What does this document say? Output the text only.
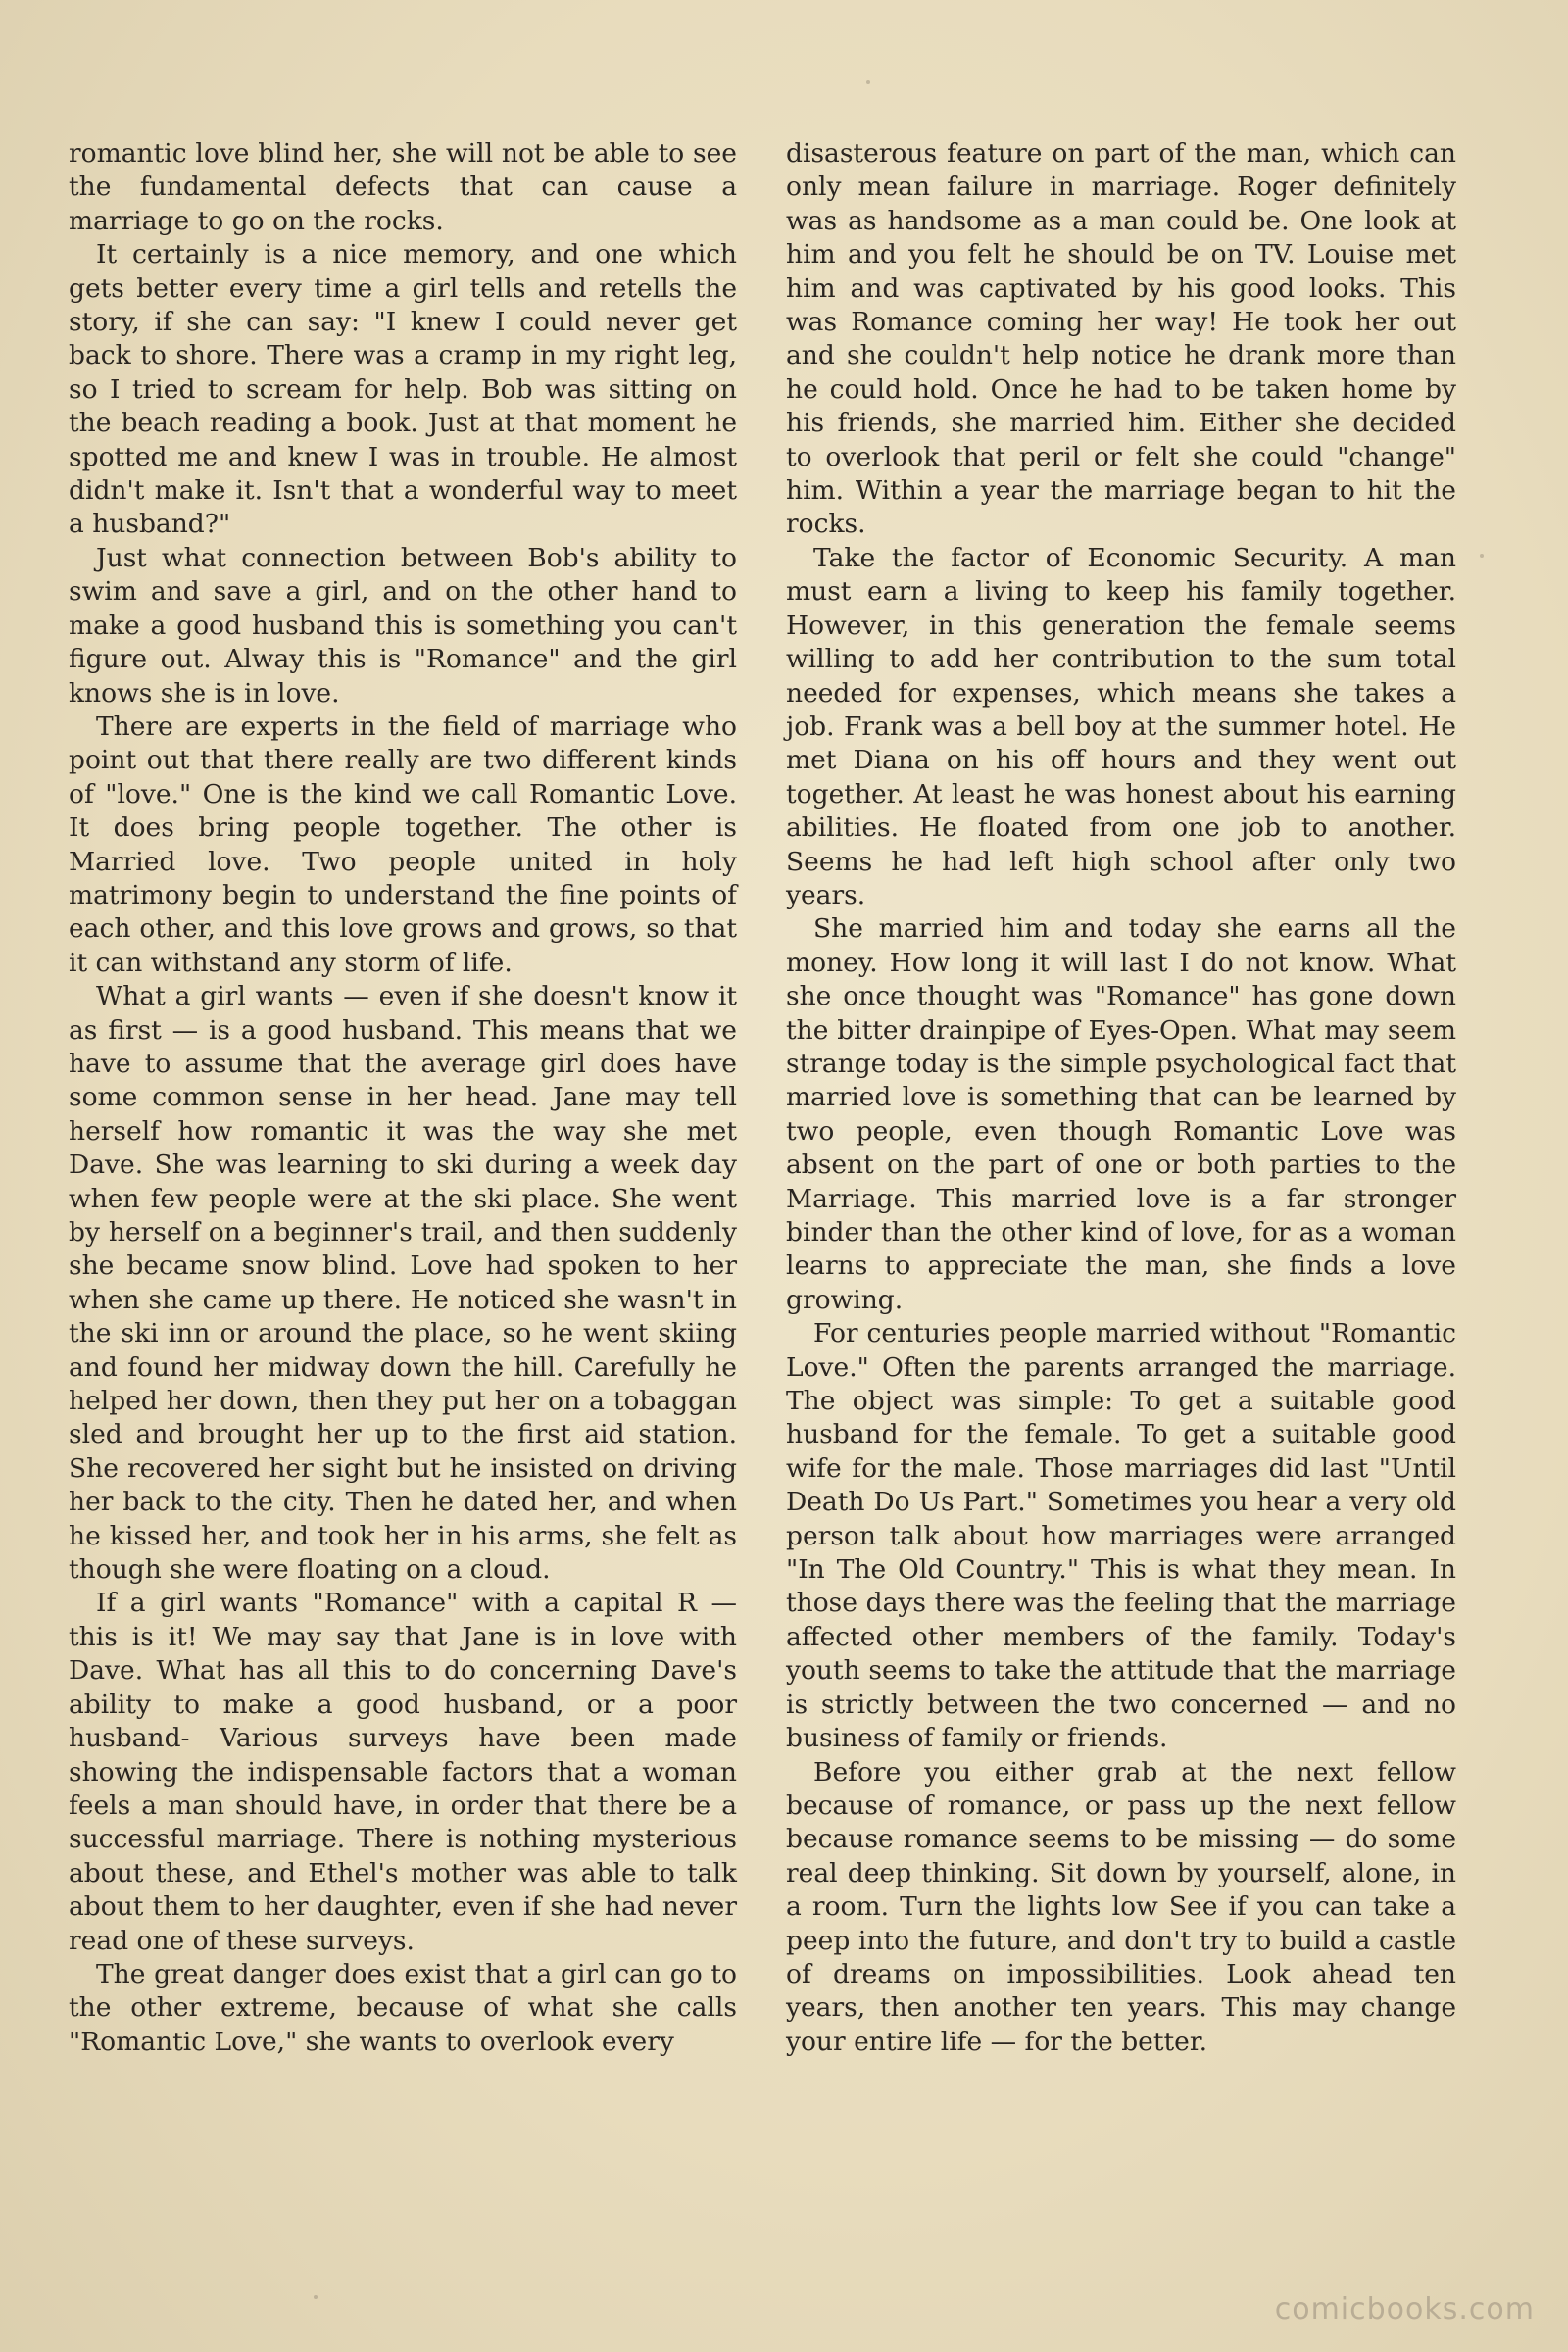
romantic love blind her, she will not be able to see the fundamental defects that can cause a marriage to go on the rocks.

It certainly is a nice memory, and one which gets better every time a girl tells and retells the story, if she can say: "I knew I could never get back to shore. There was a cramp in my right leg, so I tried to scream for help. Bob was sitting on the beach reading a book. Just at that moment he spotted me and knew I was in trouble. He almost didn't make it. Isn't that a wonderful way to meet a husband?"

Just what connection between Bob's ability to swim and save a girl, and on the other hand to make a good husband this is something you can't figure out. Alway this is "Romance" and the girl knows she is in love.

There are experts in the field of marriage who point out that there really are two different kinds of "love." One is the kind we call Romantic Love. It does bring people together. The other is Married love. Two people united in holy matrimony begin to understand the fine points of each other, and this love grows and grows, so that it can withstand any storm of life.

What a girl wants — even if she doesn't know it as first — is a good husband. This means that we have to assume that the average girl does have some common sense in her head. Jane may tell herself how romantic it was the way she met Dave. She was learning to ski during a week day when few people were at the ski place. She went by herself on a beginner's trail, and then suddenly she became snow blind. Love had spoken to her when she came up there. He noticed she wasn't in the ski inn or around the place, so he went skiing and found her midway down the hill. Carefully he helped her down, then they put her on a tobaggan sled and brought her up to the first aid station. She recovered her sight but he insisted on driving her back to the city. Then he dated her, and when he kissed her, and took her in his arms, she felt as though she were floating on a cloud.

If a girl wants "Romance" with a capital R — this is it! We may say that Jane is in love with Dave. What has all this to do concerning Dave's ability to make a good husband, or a poor husband- Various surveys have been made showing the indispensable factors that a woman feels a man should have, in order that there be a successful marriage. There is nothing mysterious about these, and Ethel's mother was able to talk about them to her daughter, even if she had never read one of these surveys.

The great danger does exist that a girl can go to the other extreme, because of what she calls "Romantic Love," she wants to overlook every

disasterous feature on part of the man, which can only mean failure in marriage. Roger definitely was as handsome as a man could be. One look at him and you felt he should be on TV. Louise met him and was captivated by his good looks. This was Romance coming her way! He took her out and she couldn't help notice he drank more than he could hold. Once he had to be taken home by his friends, she married him. Either she decided to overlook that peril or felt she could "change" him. Within a year the marriage began to hit the rocks.

Take the factor of Economic Security. A man must earn a living to keep his family together. However, in this generation the female seems willing to add her contribution to the sum total needed for expenses, which means she takes a job. Frank was a bell boy at the summer hotel. He met Diana on his off hours and they went out together. At least he was honest about his earning abilities. He floated from one job to another. Seems he had left high school after only two years.

She married him and today she earns all the money. How long it will last I do not know. What she once thought was "Romance" has gone down the bitter drainpipe of Eyes-Open. What may seem strange today is the simple psychological fact that married love is something that can be learned by two people, even though Romantic Love was absent on the part of one or both parties to the Marriage. This married love is a far stronger binder than the other kind of love, for as a woman learns to appreciate the man, she finds a love growing.

For centuries people married without "Romantic Love." Often the parents arranged the marriage. The object was simple: To get a suitable good husband for the female. To get a suitable good wife for the male. Those marriages did last "Until Death Do Us Part." Sometimes you hear a very old person talk about how marriages were arranged "In The Old Country." This is what they mean. In those days there was the feeling that the marriage affected other members of the family. Today's youth seems to take the attitude that the marriage is strictly between the two concerned — and no business of family or friends.

Before you either grab at the next fellow because of romance, or pass up the next fellow because romance seems to be missing — do some real deep thinking. Sit down by yourself, alone, in a room. Turn the lights low See if you can take a peep into the future, and don't try to build a castle of dreams on impossibilities. Look ahead ten years, then another ten years. This may change your entire life — for the better.

comicbooks.com
